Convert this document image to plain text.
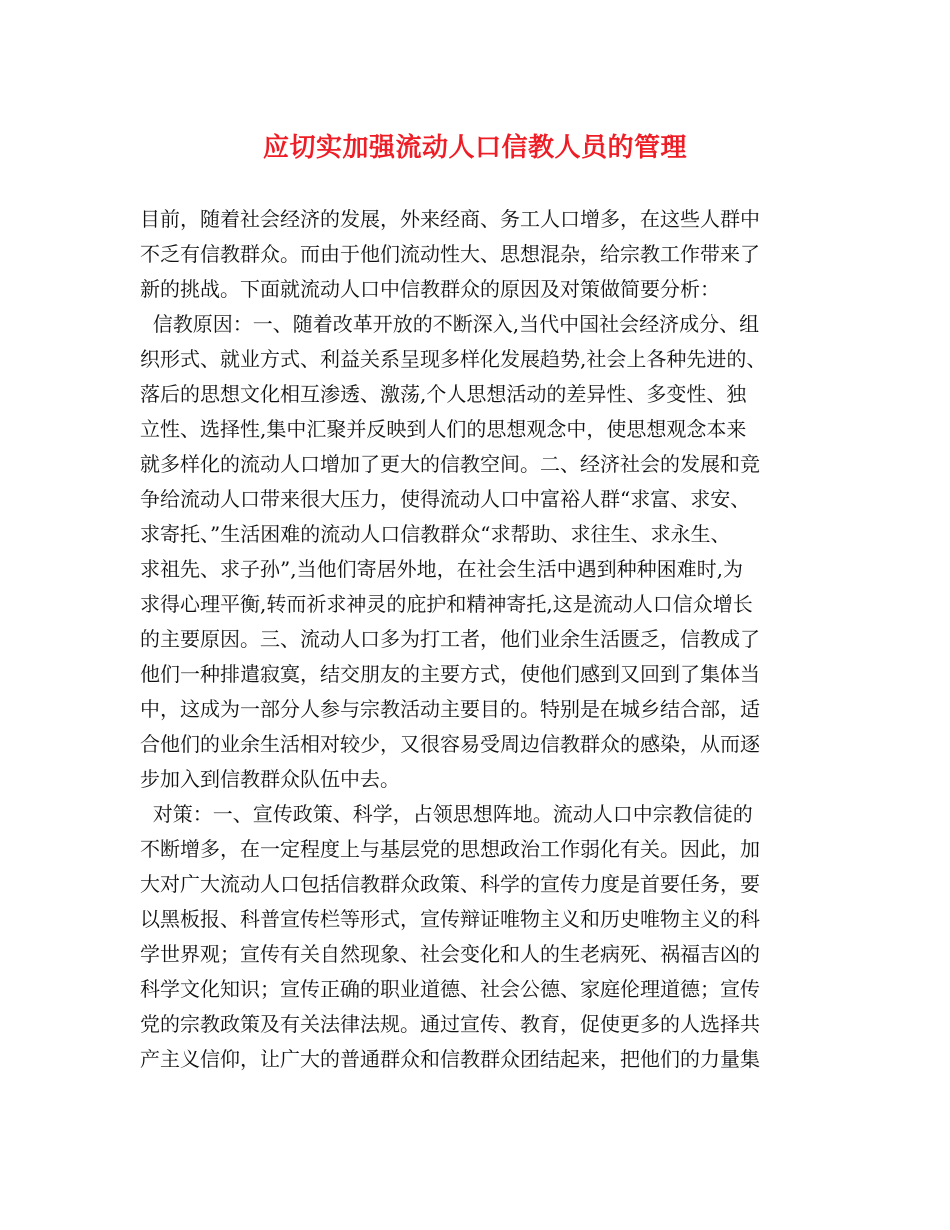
应切实加强流动人口信教人员的管理
目前，随着社会经济的发展，外来经商、务工人口增多，在这些人群中
不乏有信教群众。而由于他们流动性大、思想混杂，给宗教工作带来了
新的挑战。下面就流动人口中信教群众的原因及对策做简要分析：
信教原因：一、随着改革开放的不断深入,当代中国社会经济成分、组
织形式、就业方式、利益关系呈现多样化发展趋势,社会上各种先进的、
落后的思想文化相互渗透、激荡,个人思想活动的差异性、多变性、独
立性、选择性,集中汇聚并反映到人们的思想观念中，使思想观念本来
就多样化的流动人口增加了更大的信教空间。二、经济社会的发展和竞
争给流动人口带来很大压力，使得流动人口中富裕人群“求富、求安、
求寄托、”生活困难的流动人口信教群众“求帮助、求往生、求永生、
求祖先、求子孙”,当他们寄居外地，在社会生活中遇到种种困难时,为
求得心理平衡,转而祈求神灵的庇护和精神寄托,这是流动人口信众增长
的主要原因。三、流动人口多为打工者，他们业余生活匮乏，信教成了
他们一种排遣寂寞，结交朋友的主要方式，使他们感到又回到了集体当
中，这成为一部分人参与宗教活动主要目的。特别是在城乡结合部，适
合他们的业余生活相对较少，又很容易受周边信教群众的感染，从而逐
步加入到信教群众队伍中去。
对策：一、宣传政策、科学，占领思想阵地。流动人口中宗教信徒的
不断增多，在一定程度上与基层党的思想政治工作弱化有关。因此，加
大对广大流动人口包括信教群众政策、科学的宣传力度是首要任务，要
以黑板报、科普宣传栏等形式，宣传辩证唯物主义和历史唯物主义的科
学世界观；宣传有关自然现象、社会变化和人的生老病死、祸福吉凶的
科学文化知识；宣传正确的职业道德、社会公德、家庭伦理道德；宣传
党的宗教政策及有关法律法规。通过宣传、教育，促使更多的人选择共
产主义信仰，让广大的普通群众和信教群众团结起来，把他们的力量集
